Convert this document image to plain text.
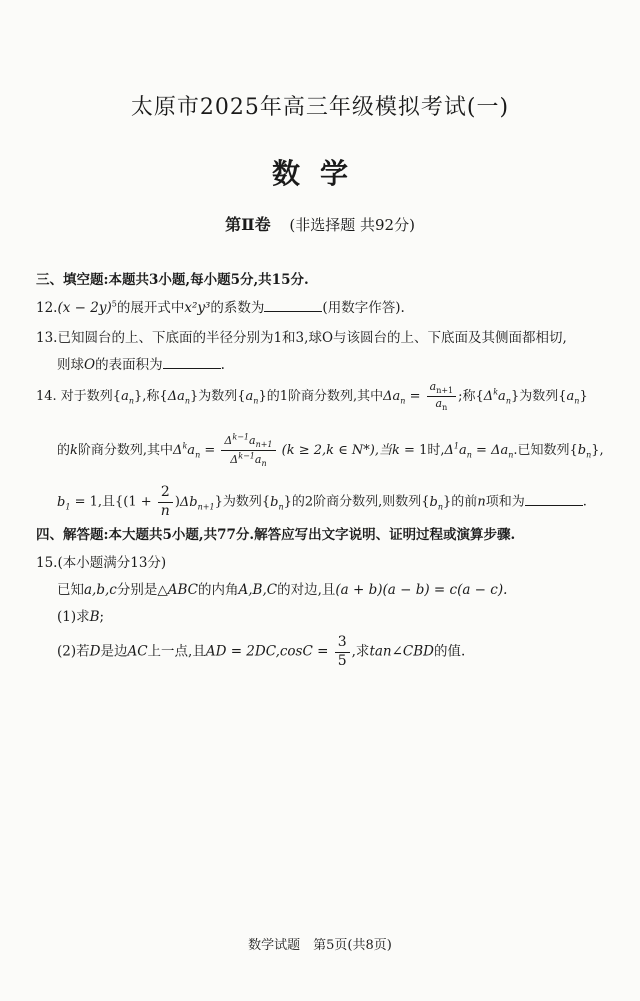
太原市2025年高三年级模拟考试(一)
数学
第Ⅱ卷 (非选择题 共92分)
三、填空题:本题共3小题,每小题5分,共15分.
$12.(x - 2y)^5$的展开式中x²y³的系数为	(用数字作答).
13.已知圆台的上、下底面的半径分别为1和3,球O与该圆台的上、下底面及其侧面都相切,
则球O的表面积为	.
14. 对于数列$\{a_n\}$,称$\{\Delta a_n\}$为数列$\{a_n\}$的1阶商分数列,其中$\Delta a_n = \frac{a_{n+1}}{a_n}$ ;称$\{\Delta^ka_n\}$为数列$\{a_n\}$
的k阶商分数列,其中$\Delta^ka_n = \frac{\Delta^{k-1}a_{n+1}}{\Delta^{k-1}a_n} (k \ge 2,k$ ∈ N*),当k = 1时$,\Delta^1a_n = \Delta a_n$.已知数列$\{b_n\}$,
$b_1 = 1$,且$\{(1 + \frac{2}{n} )\Delta b_{n+1}\}$为数列$\{b_n\}$的2阶商分数列,则数列$\{b_n\}$的前n项和为	.
四、解答题:本大题共5小题,共77分.解答应写出文字说明、证明过程或演算步骤.
15.(本小题满分13分)
已知a,b,c分别是△ABC的内角A,B,C的对边,且(a + b)(a − b) = c(a − c).
(1)求B;
(2)若D是边AC上一点,且AD = $2DC,\cos C = \frac{3}{5}$ ,求tan∠CBD的值.
数学试题　第5页(共8页)
